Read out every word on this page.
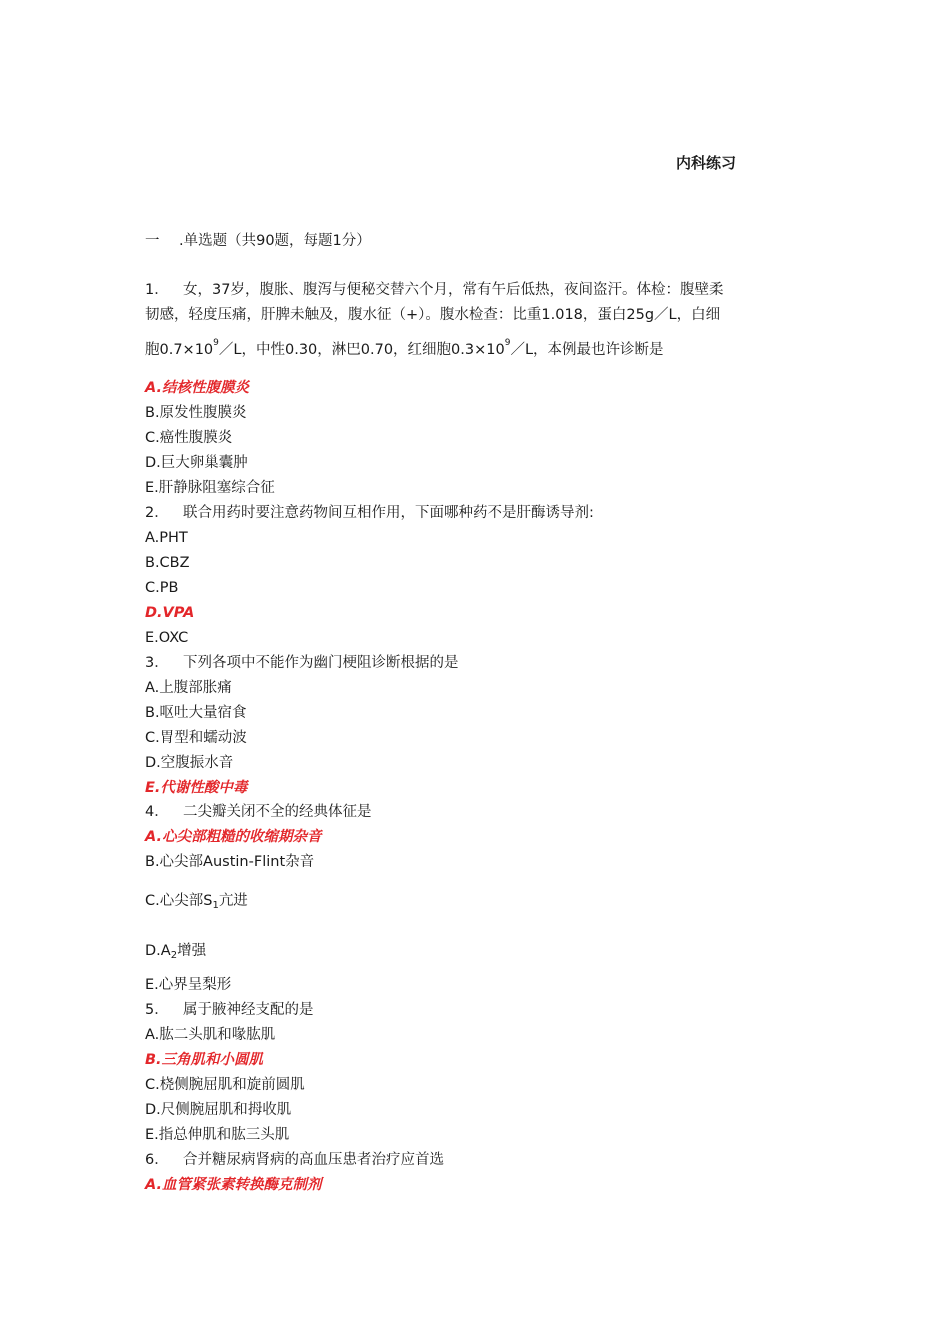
内科练习
一 .单选题（共90题，每题1分）
1． 女，37岁，腹胀、腹泻与便秘交替六个月，常有午后低热，夜间盗汗。体检：腹壁柔
韧感，轻度压痛，肝脾未触及，腹水征（+）。腹水检查：比重1.018，蛋白25g／L，白细
胞$0.7\times 10^9/L$，中性0.30，淋巴0.70，红细胞$0.3\times 10^9/L$，本例最也许诊断是
A.结核性腹膜炎
B.原发性腹膜炎
C.癌性腹膜炎
D.巨大卵巢囊肿
E.肝静脉阻塞综合征
2． 联合用药时要注意药物间互相作用，下面哪种药不是肝酶诱导剂:
A.PHT
B.CBZ
C.PB
D.VPA
E.OXC
3． 下列各项中不能作为幽门梗阻诊断根据的是
A.上腹部胀痛
B.呕吐大量宿食
C.胃型和蠕动波
D.空腹振水音
E.代谢性酸中毒
4． 二尖瓣关闭不全的经典体征是
A.心尖部粗糙的收缩期杂音
B.心尖部Austin-Flint杂音
C.心尖部$S_1$亢进
$D.A_2$增强
E.心界呈梨形
5． 属于腋神经支配的是
A.肱二头肌和喙肱肌
B.三角肌和小圆肌
C.桡侧腕屈肌和旋前圆肌
D.尺侧腕屈肌和拇收肌
E.指总伸肌和肱三头肌
6． 合并糖尿病肾病的高血压患者治疗应首选
A.血管紧张素转换酶克制剂
